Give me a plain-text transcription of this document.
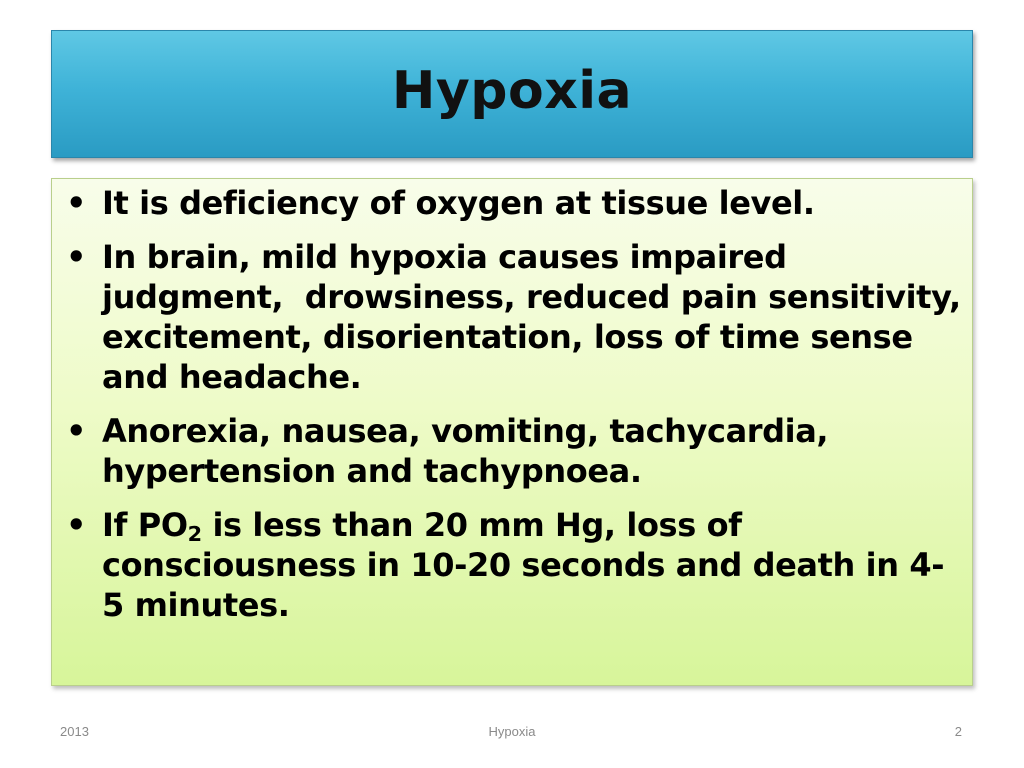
Hypoxia
• It is deficiency of oxygen at tissue level.
• In brain, mild hypoxia causes impaired judgment,  drowsiness, reduced pain sensitivity, excitement, disorientation, loss of time sense and headache.
• Anorexia, nausea, vomiting, tachycardia, hypertension and tachypnoea.
• If $PO_2$ is less than 20 mm Hg, loss of consciousness in 10-20 seconds and death in 4-5 minutes.
2013	Hypoxia	2
